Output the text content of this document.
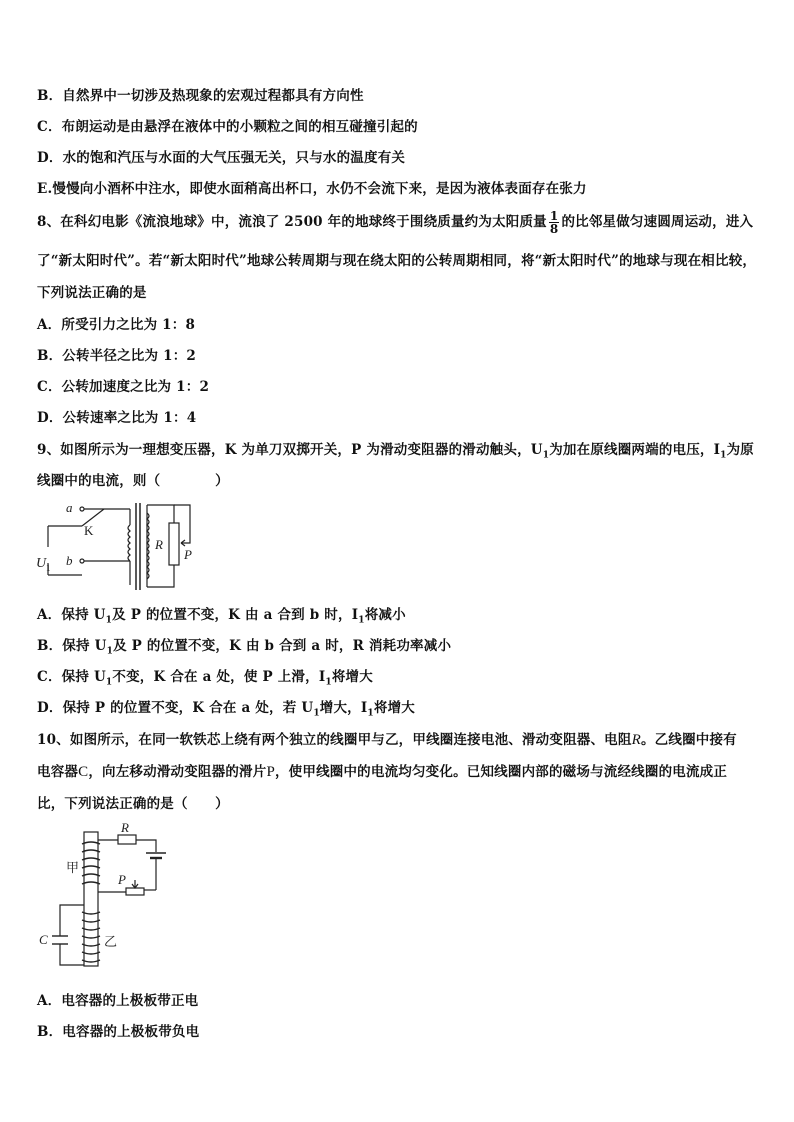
B．自然界中一切涉及热现象的宏观过程都具有方向性
C．布朗运动是由悬浮在液体中的小颗粒之间的相互碰撞引起的
D．水的饱和汽压与水面的大气压强无关，只与水的温度有关
E.慢慢向小酒杯中注水，即使水面稍高出杯口，水仍不会流下来，是因为液体表面存在张力
8、在科幻电影《流浪地球》中，流浪了 2500 年的地球终于围绕质量约为太阳质量 $\frac{1}{8}$ 的比邻星做匀速圆周运动，进入
了“新太阳时代”。若“新太阳时代”地球公转周期与现在绕太阳的公转周期相同，将“新太阳时代”的地球与现在相比较，
下列说法正确的是
A．所受引力之比为 1：8
B．公转半径之比为 1：2
C．公转加速度之比为 1：2
D．公转速率之比为 1：4
9、如图所示为一理想变压器，K 为单刀双掷开关，P 为滑动变阻器的滑动触头，$U_1$为加在原线圈两端的电压，$I_1$为原
线圈中的电流，则（　　　　）
a
b
K
U 1
R
P
A．保持 $U_1$及 P 的位置不变，K 由 a 合到 b 时，$I_1$将减小
B．保持 $U_1$及 P 的位置不变，K 由 b 合到 a 时，R 消耗功率减小
C．保持 $U_1$不变，K 合在 a 处，使 P 上滑，$I_1$将增大
D．保持 P 的位置不变，K 合在 a 处，若 $U_1$增大，$I_1$将增大
10、如图所示，在同一软铁芯上绕有两个独立的线圈甲与乙，甲线圈连接电池、滑动变阻器、电阻R。乙线圈中接有
电容器C，向左移动滑动变阻器的滑片P，使甲线圈中的电流均匀变化。已知线圈内部的磁场与流经线圈的电流成正
比，下列说法正确的是（　　）
R
甲
P
C	乙
A．电容器的上极板带正电
B．电容器的上极板带负电
